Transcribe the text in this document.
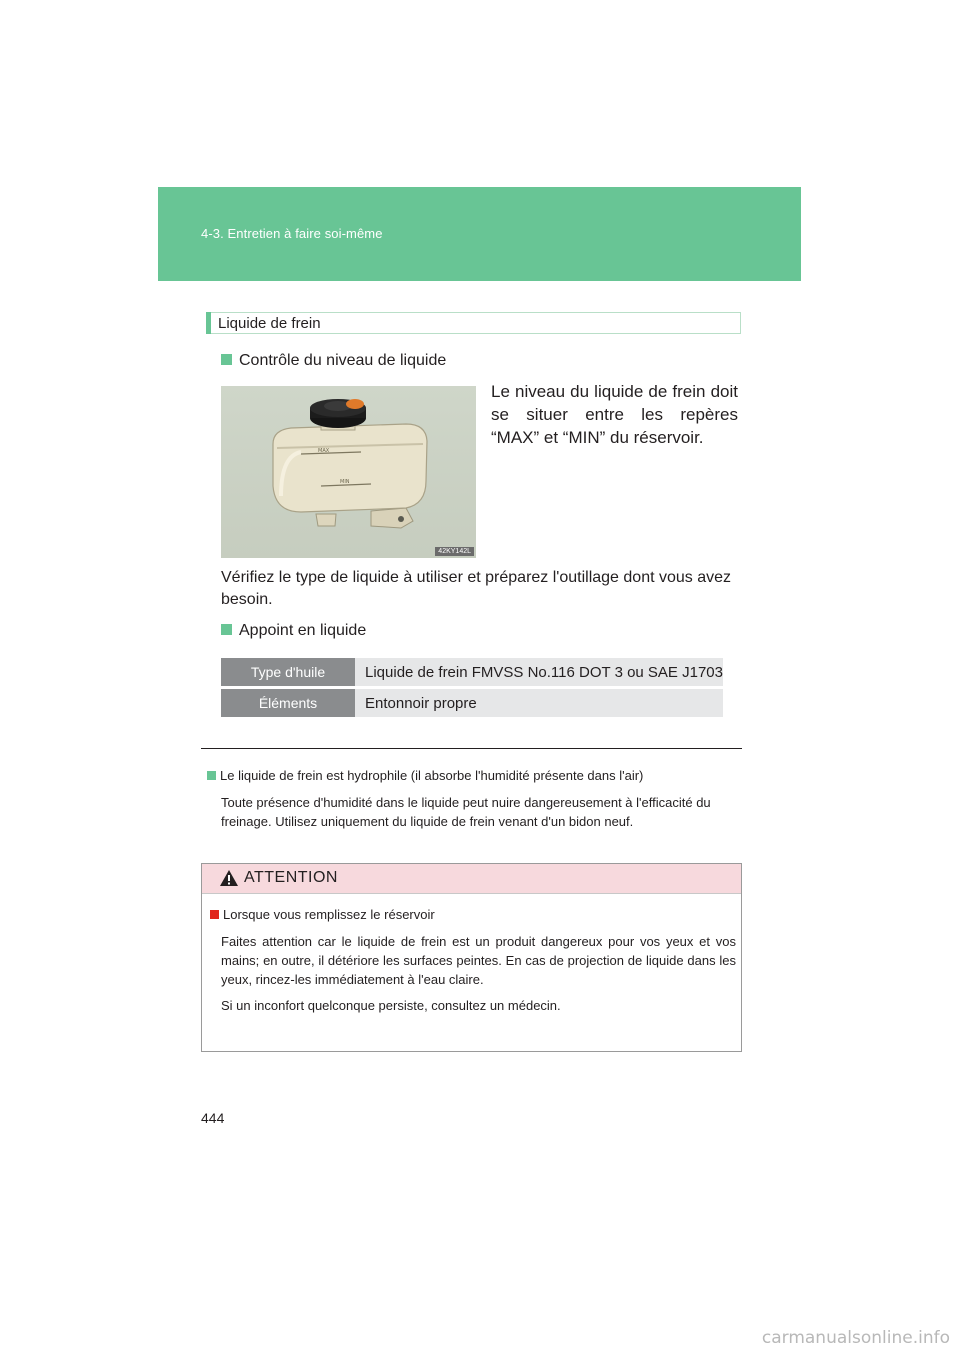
4-3. Entretien à faire soi-même
Liquide de frein
Contrôle du niveau de liquide
MAX
MIN
42KY142L
Le niveau du liquide de frein doit se situer entre les repères “MAX” et “MIN” du réservoir.
Vérifiez le type de liquide à utiliser et préparez l'outillage dont vous avez besoin.
Appoint en liquide
Type d'huile	Liquide de frein FMVSS No.116 DOT 3 ou SAE J1703
Éléments	Entonnoir propre
Le liquide de frein est hydrophile (il absorbe l'humidité présente dans l'air)
Toute présence d'humidité dans le liquide peut nuire dangereusement à l'efficacité du freinage. Utilisez uniquement du liquide de frein venant d'un bidon neuf.
ATTENTION
Lorsque vous remplissez le réservoir

Faites attention car le liquide de frein est un produit dangereux pour vos yeux et vos mains; en outre, il détériore les surfaces peintes. En cas de projection de liquide dans les yeux, rincez-les immédiatement à l'eau claire.

Si un inconfort quelconque persiste, consultez un médecin.

444
carmanualsonline.info
